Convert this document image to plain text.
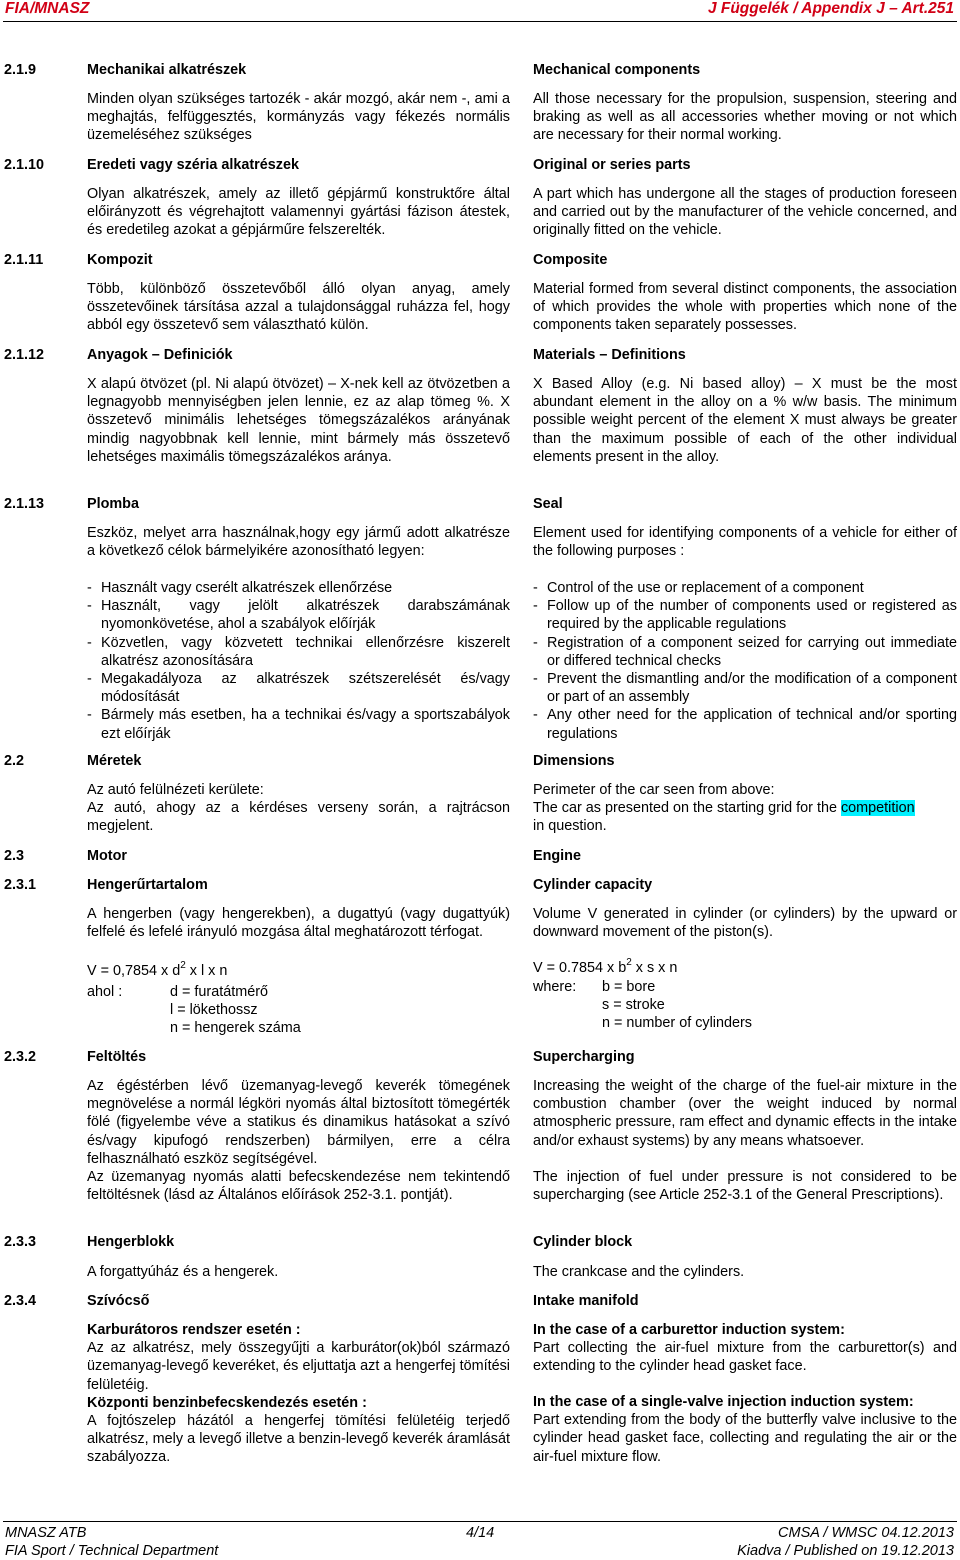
FIA/MNASZ	J Függelék / Appendix J – Art.251
2.1.9	Mechanikai alkatrészek	Mechanical components
Minden olyan szükséges tartozék - akár mozgó, akár nem -, ami a meghajtás, felfüggesztés, kormányzás vagy fékezés normális üzemeléséhez szükséges
All those necessary for the propulsion, suspension, steering and braking as well as all accessories whether moving or not which are necessary for their normal working.
2.1.10	Eredeti vagy széria alkatrészek	Original or series parts
Olyan alkatrészek, amely az illető gépjármű konstruktőre által előirányzott és végrehajtott valamennyi gyártási fázison átestek, és eredetileg azokat a gépjárműre felszerelték.
A part which has undergone all the stages of production foreseen and carried out by the manufacturer of the vehicle concerned, and originally fitted on the vehicle.
2.1.11	Kompozit	Composite
Több, különböző összetevőből álló olyan anyag, amely összetevőinek társítása azzal a tulajdonsággal ruházza fel, hogy abból egy összetevő sem választható külön.
Material formed from several distinct components, the association of which provides the whole with properties which none of the components taken separately possesses.
2.1.12	Anyagok – Definiciók	Materials – Definitions
X alapú ötvözet (pl. Ni alapú ötvözet) – X-nek kell az ötvözetben a legnagyobb mennyiségben jelen lennie, ez az alap tömeg %. X összetevő minimális lehetséges tömegszázalékos arányának mindig nagyobbnak kell lennie, mint bármely más összetevő lehetséges maximális tömegszázalékos aránya.
X Based Alloy (e.g. Ni based alloy) – X must be the most abundant element in the alloy on a % w/w basis. The minimum possible weight percent of the element X must always be greater than the maximum possible of each of the other individual elements present in the alloy.
2.1.13	Plomba	Seal
Eszköz, melyet arra használnak,hogy egy jármű adott alkatrésze a következő célok bármelyikére azonosítható legyen:
Element used for identifying components of a vehicle for either of the following purposes :
- Használt vagy cserélt alkatrészek ellenőrzése
- Használt, vagy jelölt alkatrészek darabszámának nyomonkövetése, ahol a szabályok előírják
- Közvetlen, vagy közvetett technikai ellenőrzésre kiszerelt alkatrész azonosítására
- Megakadályoza az alkatrészek szétszerelését és/vagy módosítását
- Bármely más esetben, ha a technikai és/vagy a sportszabályok ezt előírják
- Control of the use or replacement of a component
- Follow up of the number of components used or registered as required by the applicable regulations
- Registration of a component seized for carrying out immediate or differed technical checks
- Prevent the dismantling and/or the modification of a component or part of an assembly
- Any other need for the application of technical and/or sporting regulations
2.2	Méretek	Dimensions
Az autó felülnézeti kerülete:
Az autó, ahogy az a kérdéses verseny során, a rajtrácson megjelent.
Perimeter of the car seen from above:
The car as presented on the starting grid for the competition
in question.
2.3	Motor	Engine
2.3.1	Hengerűrtartalom	Cylinder capacity
A hengerben (vagy hengerekben), a dugattyú (vagy dugattyúk) felfelé és lefelé irányuló mozgása által meghatározott térfogat.
Volume V generated in cylinder (or cylinders) by the upward or downward movement of the piston(s).
V = 0,7854 x $d^2$ x l x n
ahol :	d = furatátmérő
l = lökethossz
n = hengerek száma
V = 0.7854 x $b^2$ x s x n
where: b = bore
s = stroke
n = number of cylinders
2.3.2	Feltöltés	Supercharging
Az égéstérben lévő üzemanyag-levegő keverék tömegének megnövelése a normál légköri nyomás által biztosított tömegérték fölé (figyelembe véve a statikus és dinamikus hatásokat a szívó és/vagy kipufogó rendszerben) bármilyen, erre a célra felhasználható eszköz segítségével.
Az üzemanyag nyomás alatti befecskendezése nem tekintendő feltöltésnek (lásd az Általános előírások 252-3.1. pontját).
Increasing the weight of the charge of the fuel-air mixture in the combustion chamber (over the weight induced by normal atmospheric pressure, ram effect and dynamic effects in the intake and/or exhaust systems) by any means whatsoever.
The injection of fuel under pressure is not considered to be supercharging (see Article 252-3.1 of the General Prescriptions).
2.3.3	Hengerblokk	Cylinder block
A forgattyúház és a hengerek.	The crankcase and the cylinders.
2.3.4	Szívócső	Intake manifold
Karburátoros rendszer esetén :
Az az alkatrész, mely összegyűjti a karburátor(ok)ból származó üzemanyag-levegő keveréket, és eljuttatja azt a hengerfej tömítési felületéig.
Központi benzinbefecskendezés esetén :
A fojtószelep házától a hengerfej tömítési felületéig terjedő alkatrész, mely a levegő illetve a benzin-levegő keverék áramlását szabályozza.
In the case of a carburettor induction system:
Part collecting the air-fuel mixture from the carburettor(s) and extending to the cylinder head gasket face.
In the case of a single-valve injection induction system:
Part extending from the body of the butterfly valve inclusive to the cylinder head gasket face, collecting and regulating the air or the air-fuel mixture flow.
MNASZ ATB
FIA Sport / Technical Department
4/14	CMSA / WMSC 04.12.2013
Kiadva / Published on 19.12.2013
